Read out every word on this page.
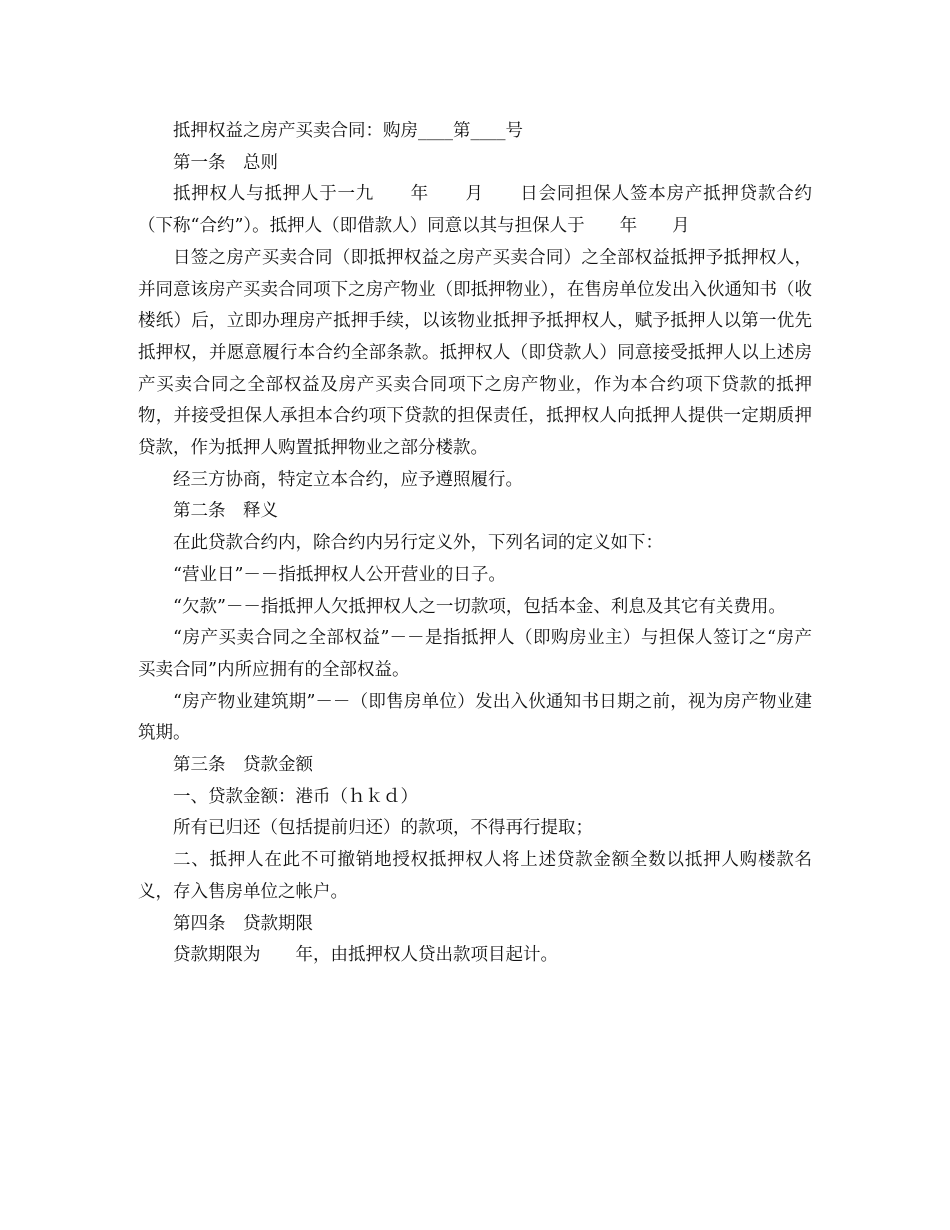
抵押权益之房产买卖合同：购房____第____号

第一条　总则

抵押权人与抵押人于一九　　年　　月　　日会同担保人签本房产抵押贷款合约（下称“合约”）。抵押人（即借款人）同意以其与担保人于　　年　　月

日签之房产买卖合同（即抵押权益之房产买卖合同）之全部权益抵押予抵押权人，并同意该房产买卖合同项下之房产物业（即抵押物业），在售房单位发出入伙通知书（收楼纸）后，立即办理房产抵押手续，以该物业抵押予抵押权人，赋予抵押人以第一优先抵押权，并愿意履行本合约全部条款。抵押权人（即贷款人）同意接受抵押人以上述房产买卖合同之全部权益及房产买卖合同项下之房产物业，作为本合约项下贷款的抵押物，并接受担保人承担本合约项下贷款的担保责任，抵押权人向抵押人提供一定期质押贷款，作为抵押人购置抵押物业之部分楼款。

经三方协商，特定立本合约，应予遵照履行。

第二条　释义

在此贷款合约内，除合约内另行定义外，下列名词的定义如下：

“营业日”－－指抵押权人公开营业的日子。

“欠款”－－指抵押人欠抵押权人之一切款项，包括本金、利息及其它有关费用。

“房产买卖合同之全部权益”－－是指抵押人（即购房业主）与担保人签订之“房产买卖合同”内所应拥有的全部权益。

“房产物业建筑期”－－（即售房单位）发出入伙通知书日期之前，视为房产物业建筑期。

第三条　贷款金额

一、贷款金额：港币（ｈｋｄ）

所有已归还（包括提前归还）的款项，不得再行提取；

二、抵押人在此不可撤销地授权抵押权人将上述贷款金额全数以抵押人购楼款名义，存入售房单位之帐户。

第四条　贷款期限

贷款期限为　　年，由抵押权人贷出款项目起计。
